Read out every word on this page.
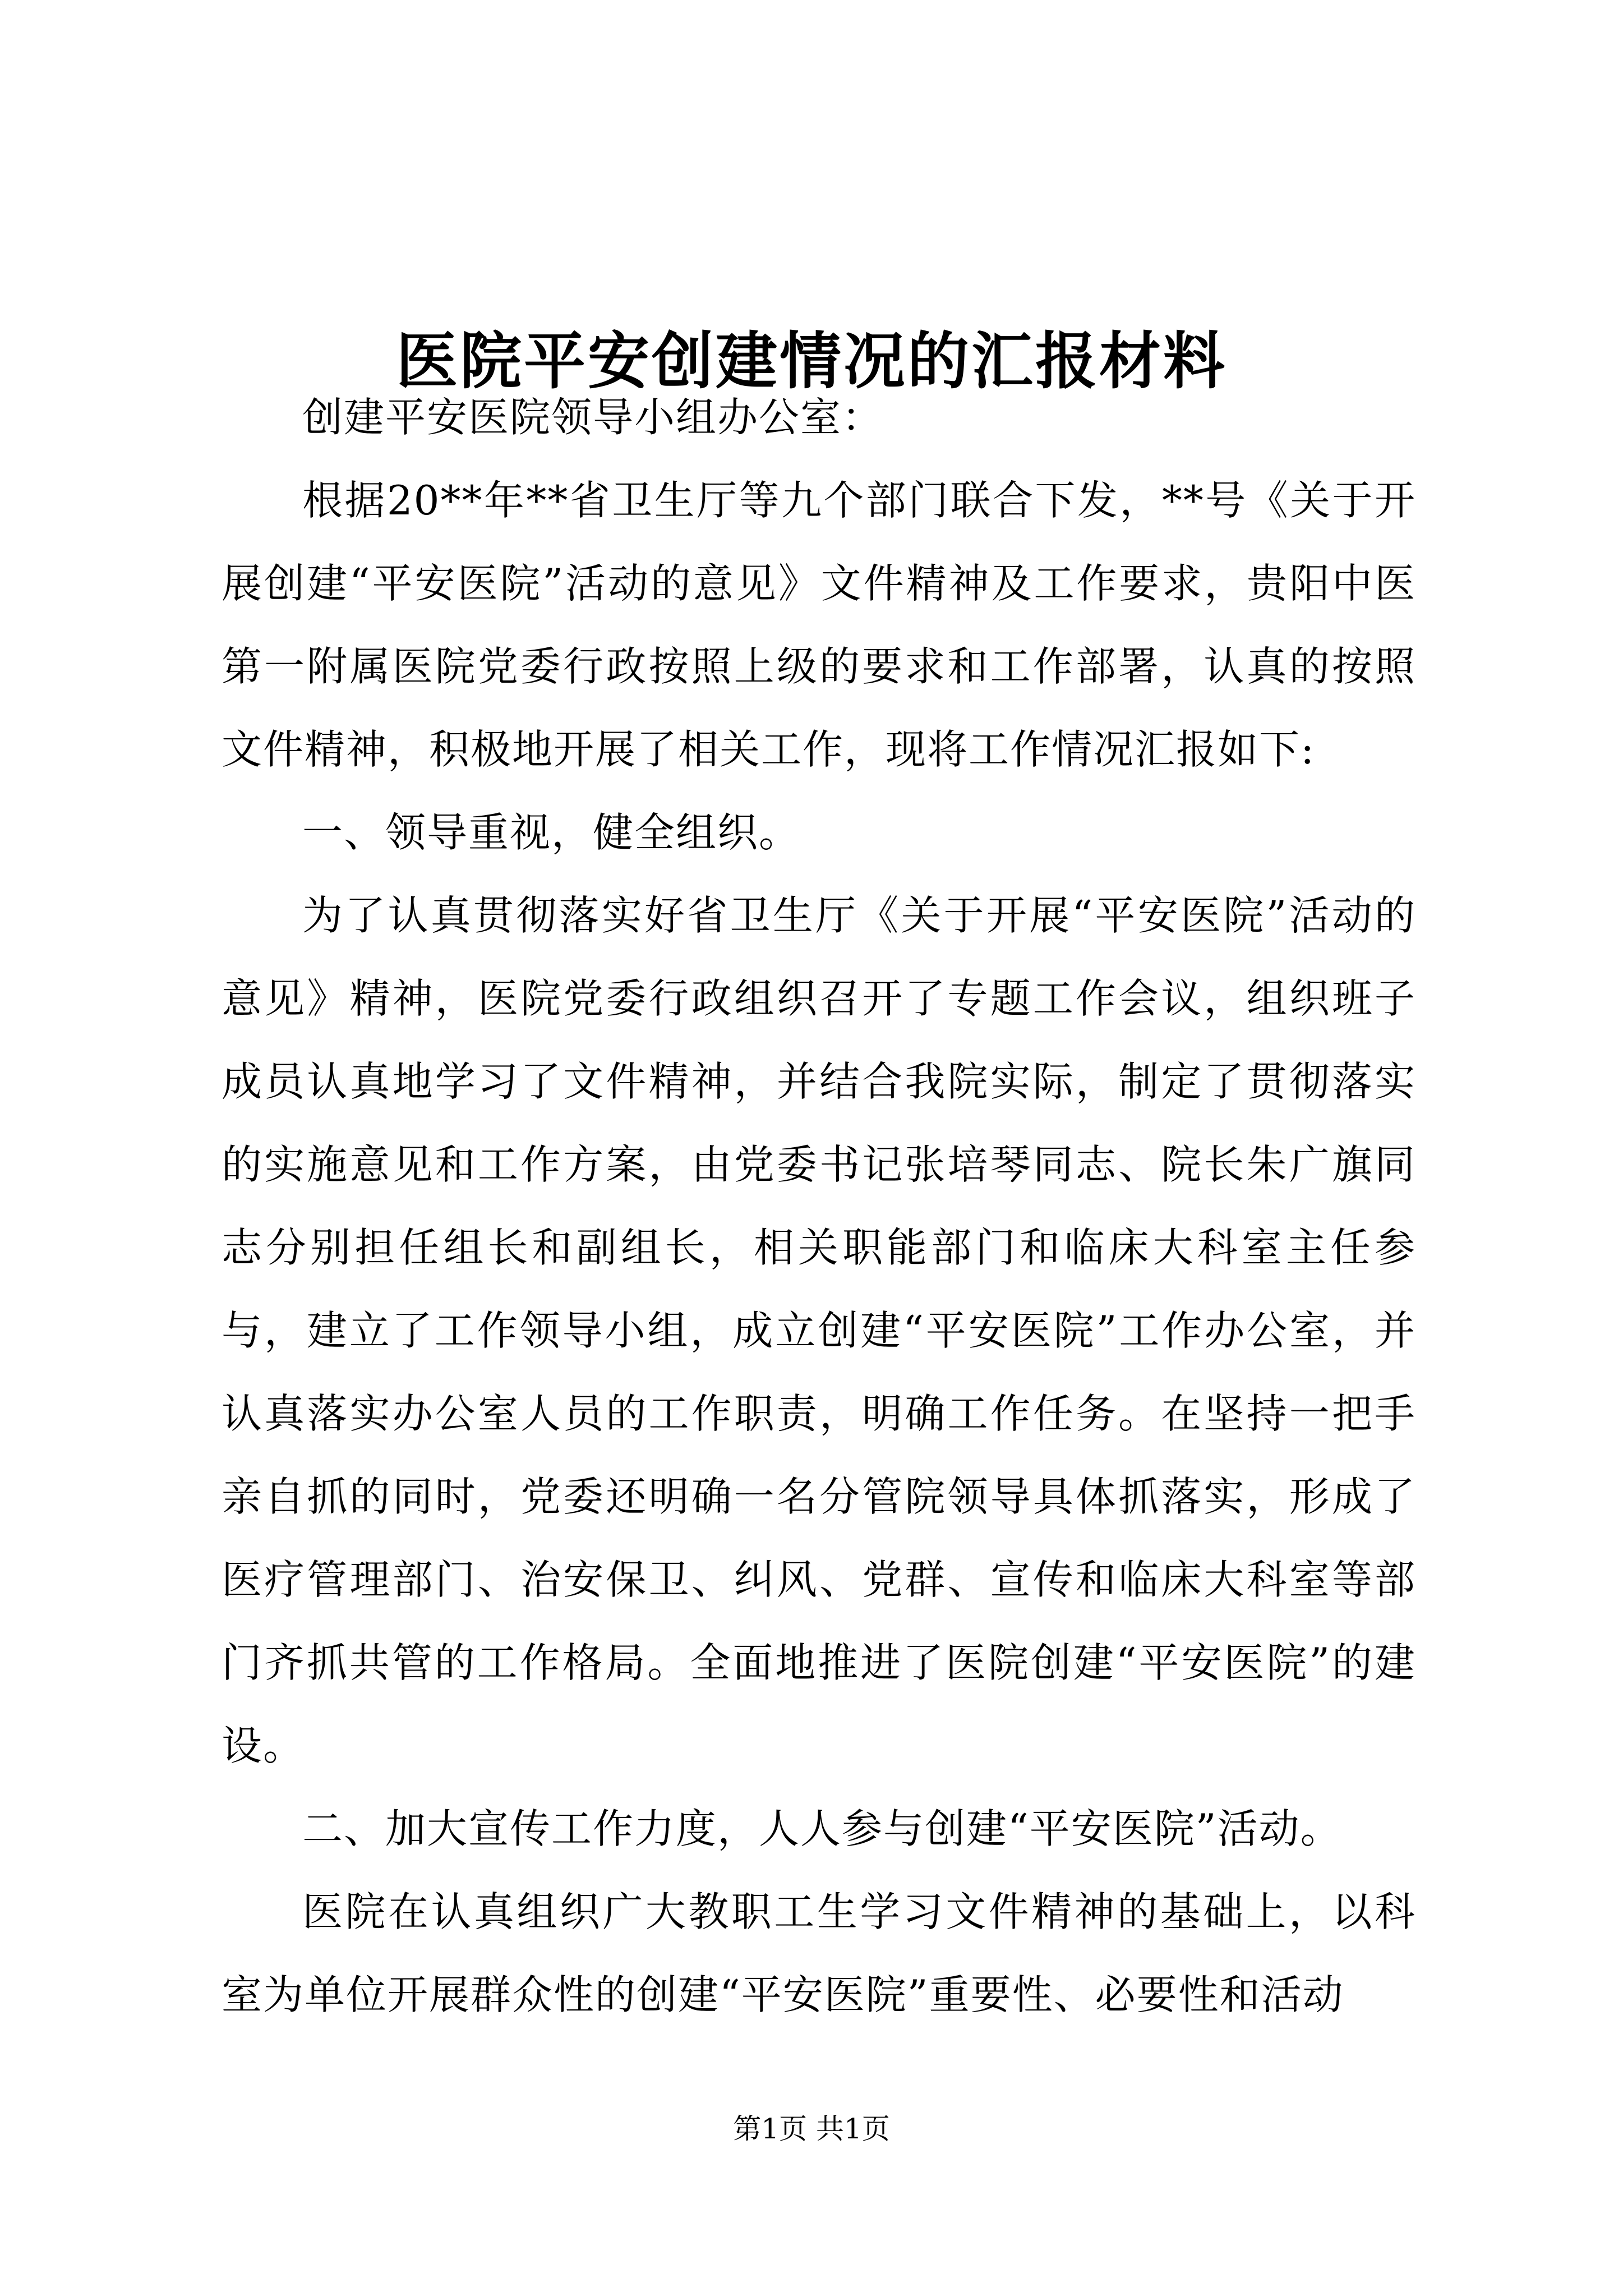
医院平安创建情况的汇报材料

创建平安医院领导小组办公室：

根据20**年**省卫生厅等九个部门联合下发，**号《关于开展创建“平安医院”活动的意见》文件精神及工作要求，贵阳中医第一附属医院党委行政按照上级的要求和工作部署，认真的按照文件精神，积极地开展了相关工作，现将工作情况汇报如下:

一、领导重视，健全组织。

为了认真贯彻落实好省卫生厅《关于开展“平安医院”活动的意见》精神，医院党委行政组织召开了专题工作会议，组织班子成员认真地学习了文件精神，并结合我院实际，制定了贯彻落实的实施意见和工作方案，由党委书记张培琴同志、院长朱广旗同志分别担任组长和副组长，相关职能部门和临床大科室主任参与，建立了工作领导小组，成立创建“平安医院”工作办公室，并认真落实办公室人员的工作职责，明确工作任务。在坚持一把手亲自抓的同时，党委还明确一名分管院领导具体抓落实，形成了医疗管理部门、治安保卫、纠风、党群、宣传和临床大科室等部门齐抓共管的工作格局。全面地推进了医院创建“平安医院”的建设。

二、加大宣传工作力度，人人参与创建“平安医院”活动。

医院在认真组织广大教职工生学习文件精神的基础上，以科室为单位开展群众性的创建“平安医院”重要性、必要性和活动

第1页 共1页
